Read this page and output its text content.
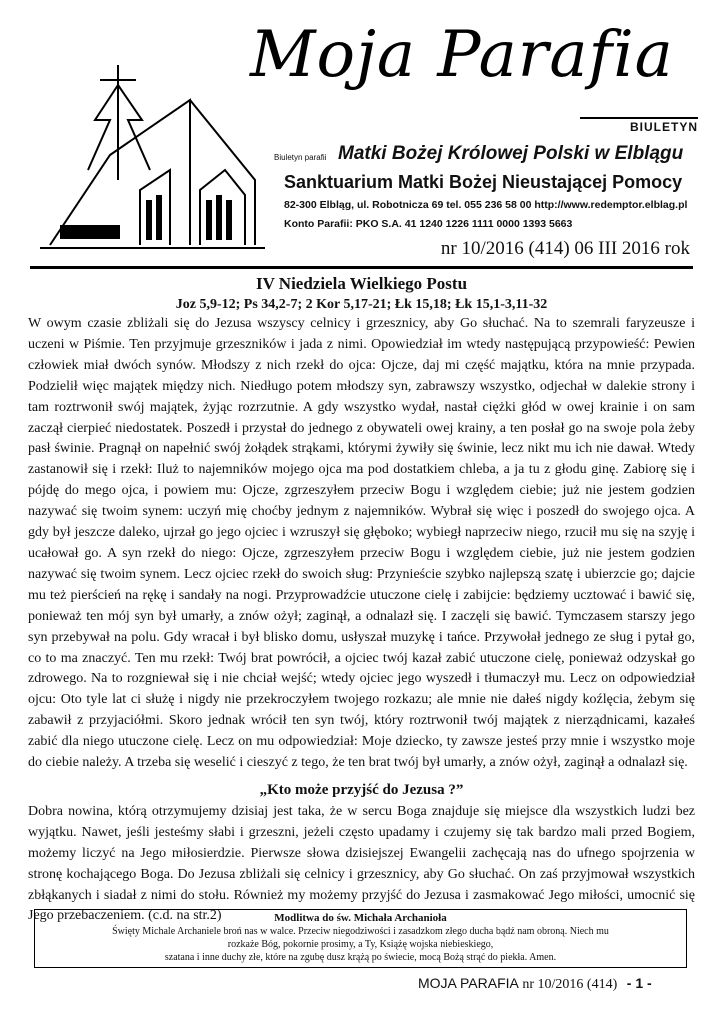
Moja Parafia
BIULETYN
Biuletyn parafii Matki Bożej Królowej Polski w Elblągu
Sanktuarium Matki Bożej Nieustającej Pomocy
82-300 Elbląg, ul. Robotnicza 69 tel. 055 236 58 00 http://www.redemptor.elblag.pl
Konto Parafii: PKO S.A. 41 1240 1226 1111 0000 1393 5663
nr 10/2016 (414) 06 III 2016 rok
IV Niedziela Wielkiego Postu
Joz 5,9-12; Ps 34,2-7; 2 Kor 5,17-21; Łk 15,18; Łk 15,1-3,11-32

W owym czasie zbliżali się do Jezusa wszyscy celnicy i grzesznicy, aby Go słuchać. Na to szemrali faryzeusze i uczeni w Piśmie. Ten przyjmuje grzeszników i jada z nimi. Opowiedział im wtedy następującą przypowieść: Pewien człowiek miał dwóch synów. Młodszy z nich rzekł do ojca: Ojcze, daj mi część majątku, która na mnie przypada. Podzielił więc majątek między nich. Niedługo potem młodszy syn, zabrawszy wszystko, odjechał w dalekie strony i tam roztrwonił swój majątek, żyjąc rozrzutnie. A gdy wszystko wydał, nastał ciężki głód w owej krainie i on sam zaczął cierpieć niedostatek. Poszedł i przystał do jednego z obywateli owej krainy, a ten posłał go na swoje pola żeby pasł świnie. Pragnął on napełnić swój żołądek strąkami, którymi żywiły się świnie, lecz nikt mu ich nie dawał. Wtedy zastanowił się i rzekł: Iluż to najemników mojego ojca ma pod dostatkiem chleba, a ja tu z głodu ginę. Zabiorę się i pójdę do mego ojca, i powiem mu: Ojcze, zgrzeszyłem przeciw Bogu i względem ciebie; już nie jestem godzien nazywać się twoim synem: uczyń mię choćby jednym z najemników. Wybrał się więc i poszedł do swojego ojca. A gdy był jeszcze daleko, ujrzał go jego ojciec i wzruszył się głęboko; wybiegł naprzeciw niego, rzucił mu się na szyję i ucałował go. A syn rzekł do niego: Ojcze, zgrzeszyłem przeciw Bogu i względem ciebie, już nie jestem godzien nazywać się twoim synem. Lecz ojciec rzekł do swoich sług: Przynieście szybko najlepszą szatę i ubierzcie go; dajcie mu też pierścień na rękę i sandały na nogi. Przyprowadźcie utuczone cielę i zabijcie: będziemy ucztować i bawić się, ponieważ ten mój syn był umarły, a znów ożył; zaginął, a odnalazł się. I zaczęli się bawić. Tymczasem starszy jego syn przebywał na polu. Gdy wracał i był blisko domu, usłyszał muzykę i tańce. Przywołał jednego ze sług i pytał go, co to ma znaczyć. Ten mu rzekł: Twój brat powrócił, a ojciec twój kazał zabić utuczone cielę, ponieważ odzyskał go zdrowego. Na to rozgniewał się i nie chciał wejść; wtedy ojciec jego wyszedł i tłumaczył mu. Lecz on odpowiedział ojcu: Oto tyle lat ci służę i nigdy nie przekroczyłem twojego rozkazu; ale mnie nie dałeś nigdy koźlęcia, żebym się zabawił z przyjaciółmi. Skoro jednak wrócił ten syn twój, który roztrwonił twój majątek z nierządnicami, kazałeś zabić dla niego utuczone cielę. Lecz on mu odpowiedział: Moje dziecko, ty zawsze jesteś przy mnie i wszystko moje do ciebie należy. A trzeba się weselić i cieszyć z tego, że ten brat twój był umarły, a znów ożył, zaginął a odnalazł się.

„Kto może przyjść do Jezusa ?”

Dobra nowina, którą otrzymujemy dzisiaj jest taka, że w sercu Boga znajduje się miejsce dla wszystkich ludzi bez wyjątku. Nawet, jeśli jesteśmy słabi i grzeszni, jeżeli często upadamy i czujemy się tak bardzo mali przed Bogiem, możemy liczyć na Jego miłosierdzie. Pierwsze słowa dzisiejszej Ewangelii zachęcają nas do ufnego spojrzenia w stronę kochającego Boga. Do Jezusa zbliżali się celnicy i grzesznicy, aby Go słuchać. On zaś przyjmował wszystkich zbłąkanych i siadał z nimi do stołu. Również my możemy przyjść do Jezusa i zasmakować Jego miłości, umocnić się Jego przebaczeniem. (c.d. na str.2)	Modlitwa do św. Michała Archanioła
Święty Michale Archaniele broń nas w walce. Przeciw niegodziwości i zasadzkom złego ducha bądź nam obroną. Niech mu
rozkaże Bóg, pokornie prosimy, a Ty, Książę wojska niebieskiego,
szatana i inne duchy złe, które na zgubę dusz krążą po świecie, mocą Bożą strąć do piekła. Amen.
MOJA PARAFIA nr 10/2016 (414) - 1 -
